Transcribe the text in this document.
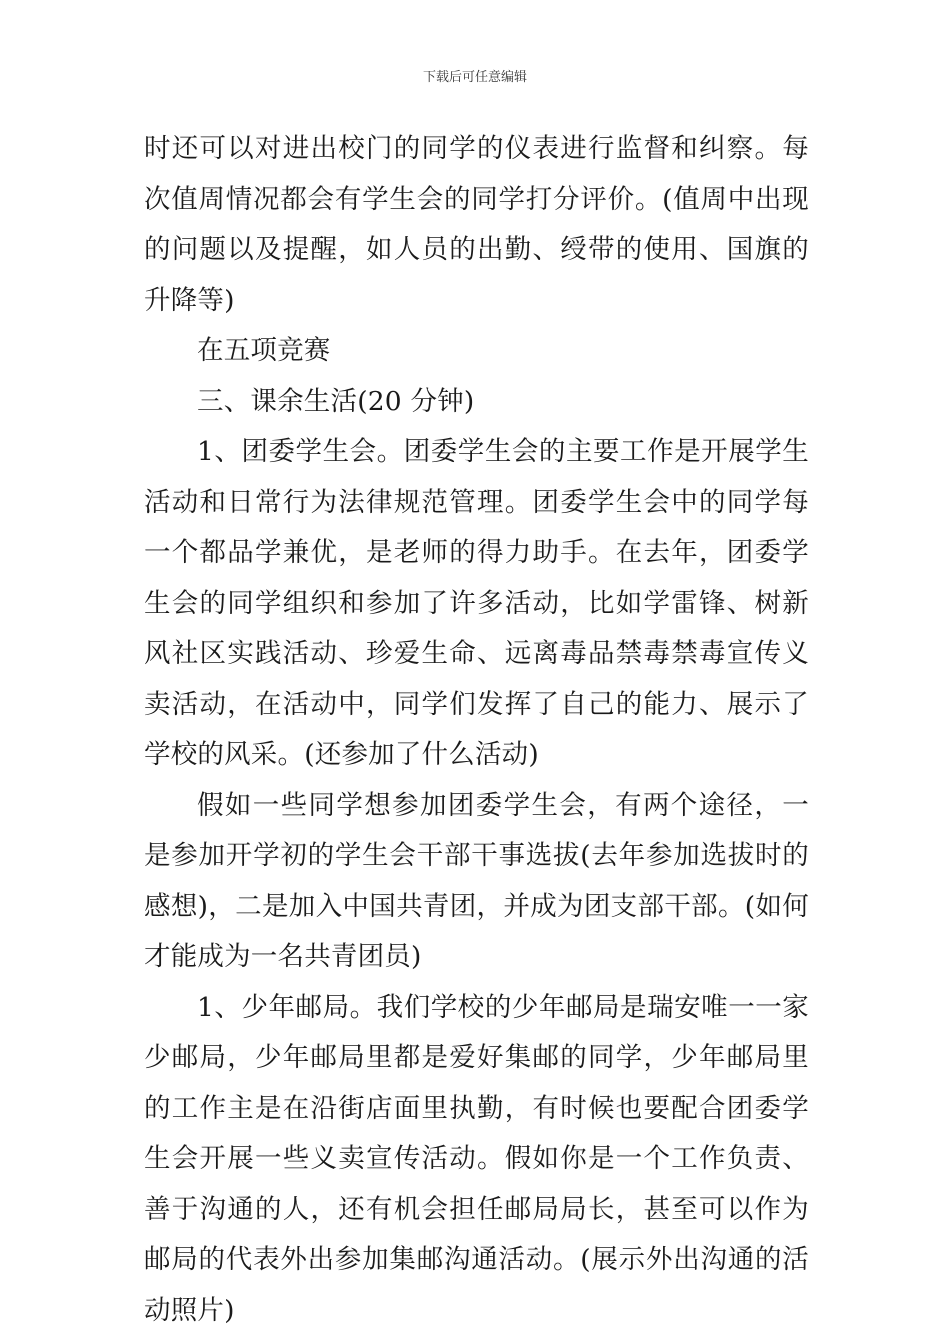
下载后可任意编辑

时还可以对进出校门的同学的仪表进行监督和纠察。每次值周情况都会有学生会的同学打分评价。(值周中出现的问题以及提醒，如人员的出勤、绶带的使用、国旗的升降等)

在五项竞赛

三、课余生活(20 分钟)

1、团委学生会。团委学生会的主要工作是开展学生活动和日常行为法律规范管理。团委学生会中的同学每一个都品学兼优，是老师的得力助手。在去年，团委学生会的同学组织和参加了许多活动，比如学雷锋、树新风社区实践活动、珍爱生命、远离毒品禁毒禁毒宣传义卖活动，在活动中，同学们发挥了自己的能力、展示了学校的风采。(还参加了什么活动)

假如一些同学想参加团委学生会，有两个途径，一是参加开学初的学生会干部干事选拔(去年参加选拔时的感想)，二是加入中国共青团，并成为团支部干部。(如何才能成为一名共青团员)

1、少年邮局。我们学校的少年邮局是瑞安唯一一家少邮局，少年邮局里都是爱好集邮的同学，少年邮局里的工作主是在沿街店面里执勤，有时候也要配合团委学生会开展一些义卖宣传活动。假如你是一个工作负责、善于沟通的人，还有机会担任邮局局长，甚至可以作为邮局的代表外出参加集邮沟通活动。(展示外出沟通的活动照片)
